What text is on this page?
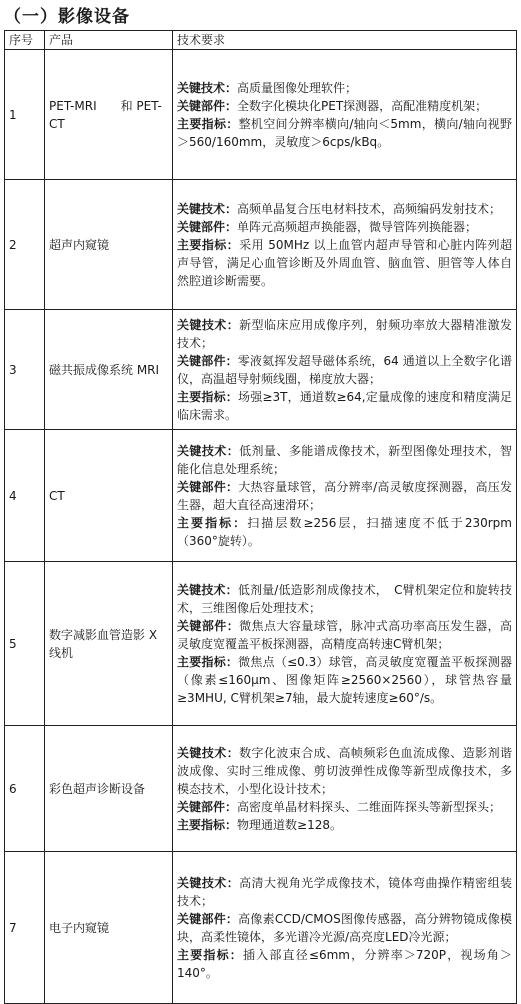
（一）影像设备
序号	产品	技术要求
1	PET-MRI　　和 PET-CT	关键技术：高质量图像处理软件；
关键部件：全数字化模块化PET探测器，高配准精度机架；
主要指标：整机空间分辨率横向/轴向＜5mm，横向/轴向视野＞560/160mm，灵敏度＞6cps/kBq。

2	超声内窥镜	关键技术：高频单晶复合压电材料技术，高频编码发射技术；
关键部件：单阵元高频超声换能器，微导管阵列换能器；
主要指标：采用 50MHz 以上血管内超声导管和心脏内阵列超声导管，满足心血管诊断及外周血管、脑血管、胆管等人体自然腔道诊断需要。

3	磁共振成像系统 MRI	关键技术：新型临床应用成像序列，射频功率放大器精准激发技术；
关键部件：零液氦挥发超导磁体系统，64 通道以上全数字化谱仪，高温超导射频线圈，梯度放大器；
主要指标：场强≥3T，通道数≥64,定量成像的速度和精度满足临床需求。

4	CT	关键技术：低剂量、多能谱成像技术，新型图像处理技术，智能化信息处理系统；
关键部件：大热容量球管，高分辨率/高灵敏度探测器，高压发生器，超大直径高速滑环；
主要指标：扫描层数≥256层，扫描速度不低于230rpm（360°旋转）。

5	数字减影血管造影 X 线机	关键技术：低剂量/低造影剂成像技术，　C臂机架定位和旋转技术，三维图像后处理技术；
关键部件：微焦点大容量球管，脉冲式高功率高压发生器，高灵敏度宽覆盖平板探测器，高精度高转速C臂机架；
主要指标：微焦点（≤0.3）球管，高灵敏度宽覆盖平板探测器（像素≤160μm、图像矩阵≥2560×2560），球管热容量≥3MHU, C臂机架≥7轴，最大旋转速度≥60°/s。

6	彩色超声诊断设备	关键技术：数字化波束合成、高帧频彩色血流成像、造影剂谐波成像、实时三维成像、剪切波弹性成像等新型成像技术，多模态技术，小型化设计技术；
关键部件：高密度单晶材料探头、二维面阵探头等新型探头；
主要指标：物理通道数≥128。

7	电子内窥镜	关键技术：高清大视角光学成像技术，镜体弯曲操作精密组装技术；
关键部件：高像素CCD/CMOS图像传感器，高分辨物镜成像模块，高柔性镜体，多光谱冷光源/高亮度LED冷光源；
主要指标：插入部直径≤6mm，分辨率＞720P，视场角＞140°。
